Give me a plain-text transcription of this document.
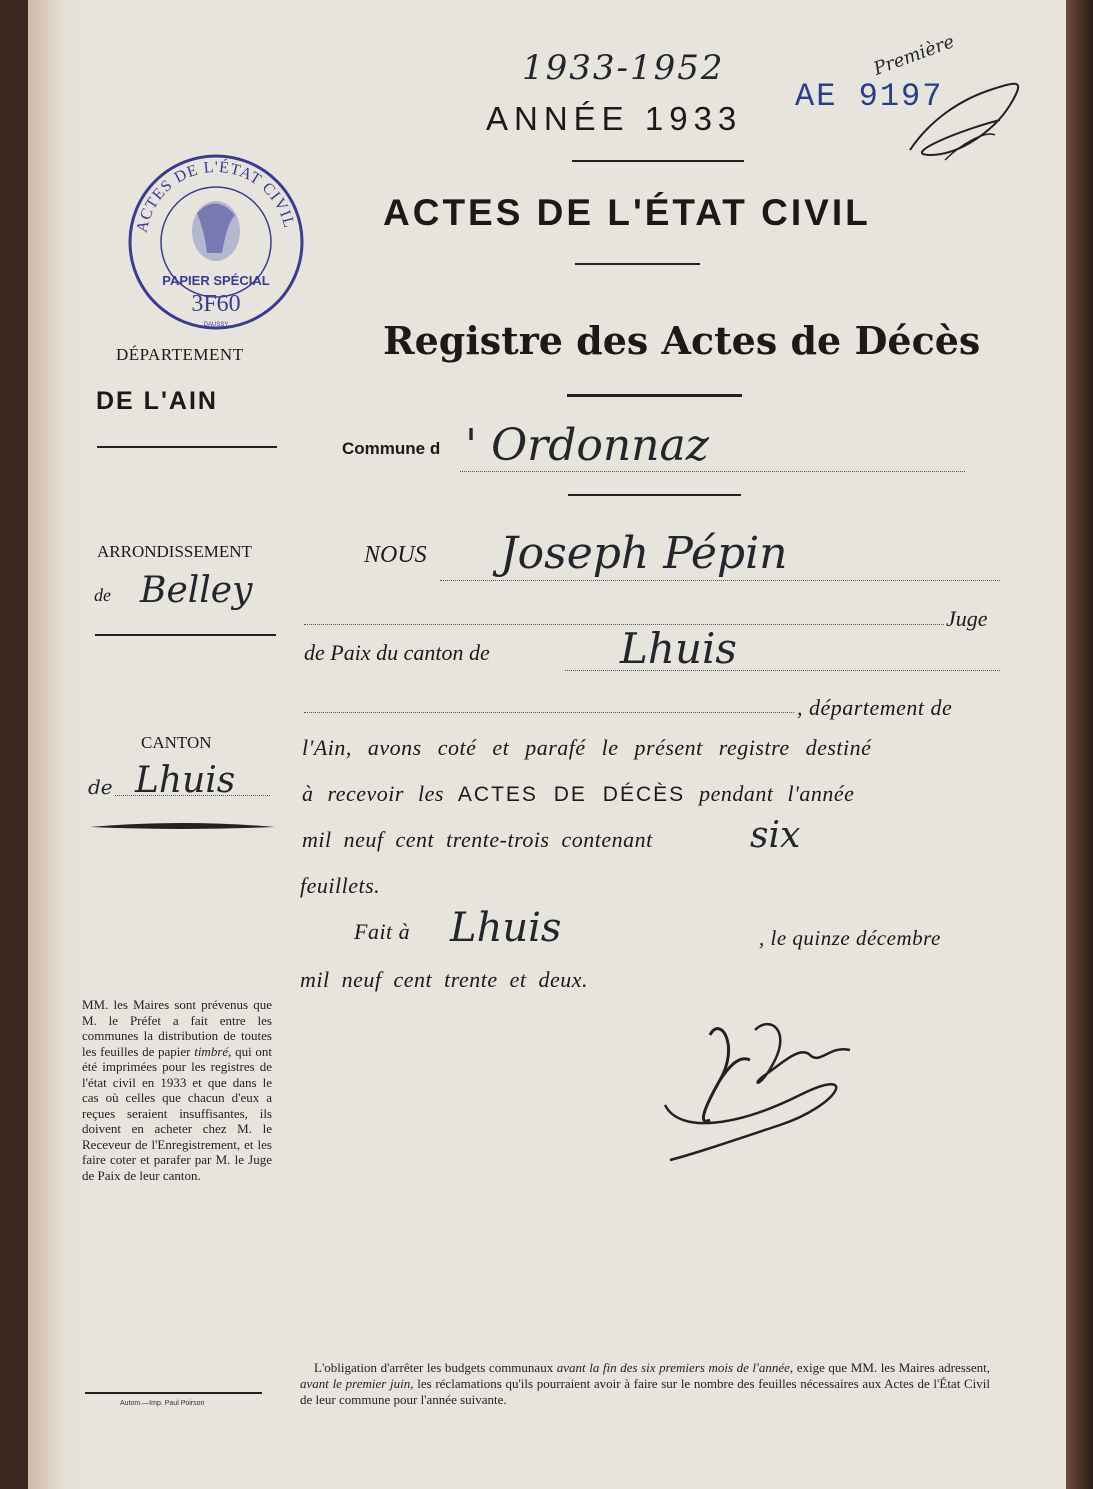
1933-1952
AE 9197
Première
ANNÉE 1933
ACTES DE L'ÉTAT CIVIL
Registre des Actes de Décès
ACTES DE L'ÉTAT CIVIL
PAPIER SPÉCIAL
3F60
DAUSSY
DÉPARTEMENT
DE L'AIN
ARRONDISSEMENT
de Belley
CANTON
de Lhuis
Commune d ' Ordonnaz
NOUS Joseph Pépin
Juge
de Paix du canton de	Lhuis
, département de
l'Ain, avons coté et parafé le présent registre destiné
à recevoir les ACTES DE DÉCÈS pendant l'année
mil neuf cent trente-trois contenant	six
feuillets.
Fait à Lhuis	, le quinze décembre
mil neuf cent trente et deux.
MM. les Maires sont prévenus que M. le Préfet a fait entre les communes la distribution de toutes les feuilles de papier timbré, qui ont été imprimées pour les registres de l'état civil en 1933 et que dans le cas où celles que chacun d'eux a reçues seraient insuffisantes, ils doivent en acheter chez M. le Receveur de l'Enregistrement, et les faire coter et parafer par M. le Juge de Paix de leur canton.
Autom.—Imp. Paul Poirson
L'obligation d'arrêter les budgets communaux avant la fin des six premiers mois de l'année, exige que MM. les Maires adressent, avant le premier juin, les réclamations qu'ils pourraient avoir à faire sur le nombre des feuilles nécessaires aux Actes de l'État Civil de leur commune pour l'année suivante.
